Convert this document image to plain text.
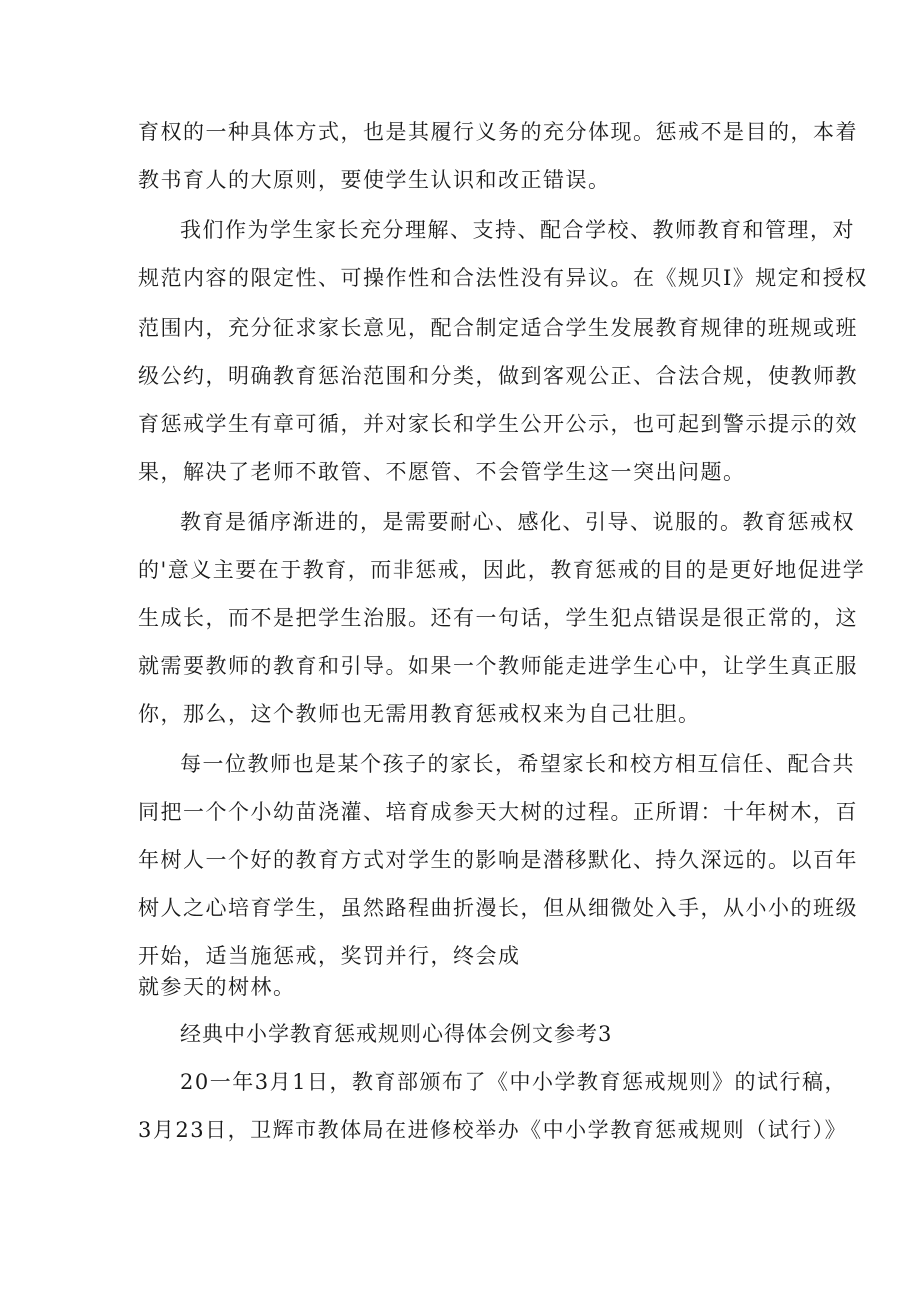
育权的一种具体方式，也是其履行义务的充分体现。惩戒不是目的，本着
教书育人的大原则，要使学生认识和改正错误。
我们作为学生家长充分理解、支持、配合学校、教师教育和管理，对
规范内容的限定性、可操作性和合法性没有异议。在《规贝I》规定和授权
范围内，充分征求家长意见，配合制定适合学生发展教育规律的班规或班
级公约，明确教育惩治范围和分类，做到客观公正、合法合规，使教师教
育惩戒学生有章可循，并对家长和学生公开公示，也可起到警示提示的效
果，解决了老师不敢管、不愿管、不会管学生这一突出问题。
教育是循序渐进的，是需要耐心、感化、引导、说服的。教育惩戒权
的'意义主要在于教育，而非惩戒，因此，教育惩戒的目的是更好地促进学
生成长，而不是把学生治服。还有一句话，学生犯点错误是很正常的，这
就需要教师的教育和引导。如果一个教师能走进学生心中，让学生真正服
你，那么，这个教师也无需用教育惩戒权来为自己壮胆。
每一位教师也是某个孩子的家长，希望家长和校方相互信任、配合共
同把一个个小幼苗浇灌、培育成参天大树的过程。正所谓：十年树木，百
年树人一个好的教育方式对学生的影响是潜移默化、持久深远的。以百年
树人之心培育学生，虽然路程曲折漫长，但从细微处入手，从小小的班级
开始，适当施惩戒，奖罚并行，终会成
就参天的树林。
经典中小学教育惩戒规则心得体会例文参考3
20一年3月1日，教育部颁布了《中小学教育惩戒规则》的试行稿，
3月23日，卫辉市教体局在进修校举办《中小学教育惩戒规则（试行）》
